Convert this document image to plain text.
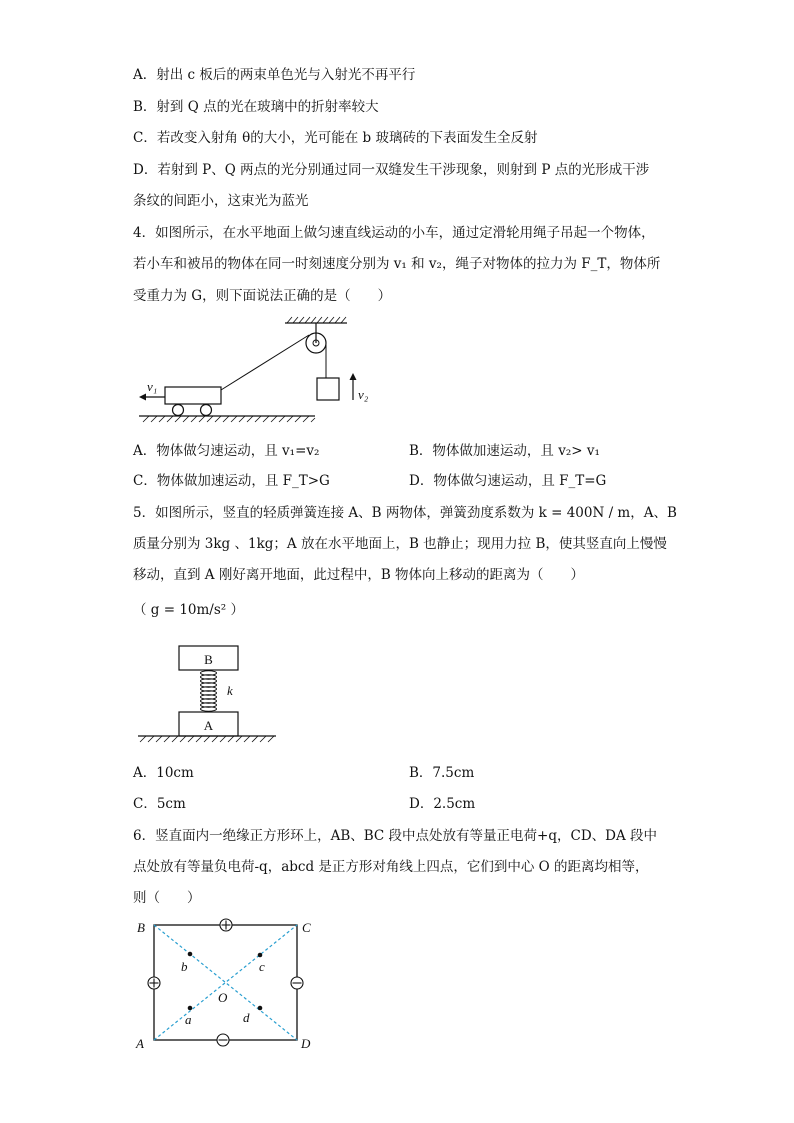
A．射出 c 板后的两束单色光与入射光不再平行
B．射到 Q 点的光在玻璃中的折射率较大
C．若改变入射角 θ的大小，光可能在 b 玻璃砖的下表面发生全反射
D．若射到 P、Q 两点的光分别通过同一双缝发生干涉现象，则射到 P 点的光形成干涉
条纹的间距小，这束光为蓝光
4．如图所示，在水平地面上做匀速直线运动的小车，通过定滑轮用绳子吊起一个物体，
若小车和被吊的物体在同一时刻速度分别为 v₁ 和 v₂，绳子对物体的拉力为 F_T，物体所
受重力为 G，则下面说法正确的是（　　）
v₂
v₁
A．物体做匀速运动，且 v₁=v₂	B．物体做加速运动，且 v₂> v₁
C．物体做加速运动，且 F_T>G	D．物体做匀速运动，且 F_T=G
5．如图所示，竖直的轻质弹簧连接 A、B 两物体，弹簧劲度系数为 k = 400N / m，A、B
质量分别为 3kg 、1kg；A 放在水平地面上，B 也静止；现用力拉 B，使其竖直向上慢慢
移动，直到 A 刚好离开地面，此过程中，B 物体向上移动的距离为（　　）
（ g = 10m/s² ）
B
k
A
A．10cm	B．7.5cm
C．5cm	D．2.5cm
6．竖直面内一绝缘正方形环上，AB、BC 段中点处放有等量正电荷+q，CD、DA 段中
点处放有等量负电荷-q，abcd 是正方形对角线上四点，它们到中心 O 的距离均相等，
则（　　）
B	C
A	D
O
b	c
a	d
